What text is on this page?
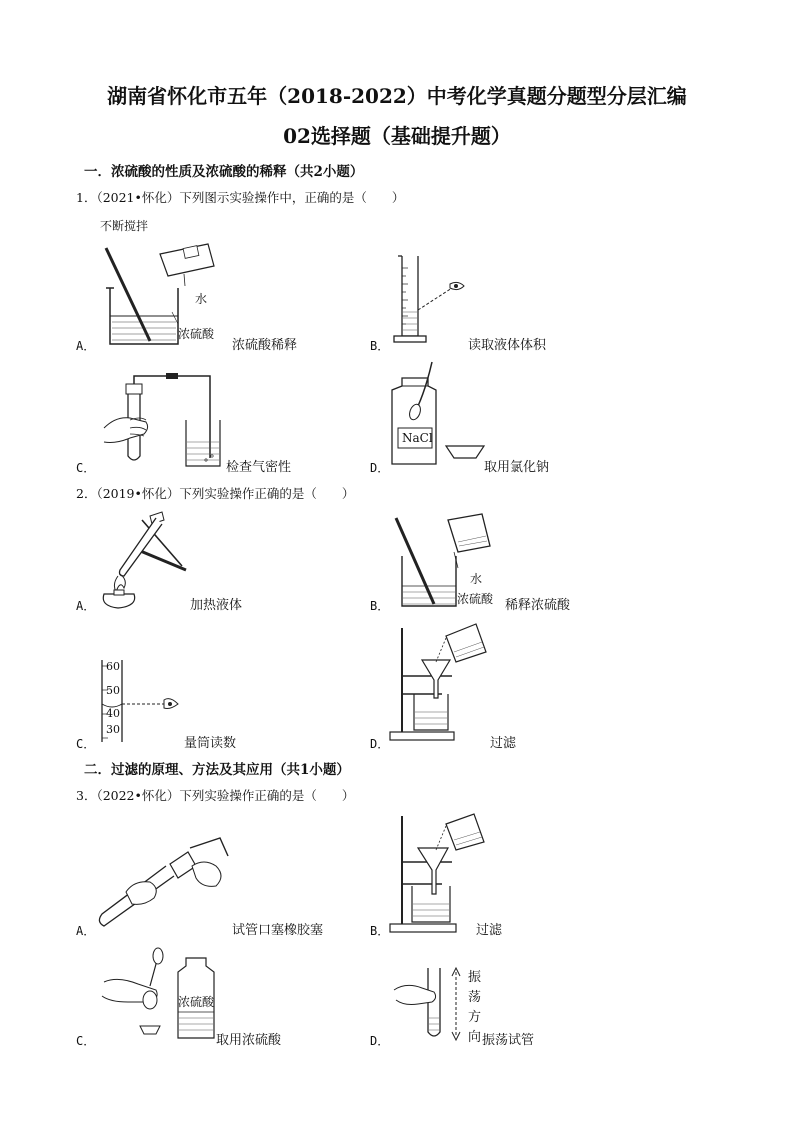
湖南省怀化市五年（2018-2022）中考化学真题分题型分层汇编
02选择题（基础提升题）
一．浓硫酸的性质及浓硫酸的稀释（共2小题）
1．（2021•怀化）下列图示实验操作中，正确的是（　　）
不断搅拌
水
浓硫酸
A．	浓硫酸稀释	B．	读取液体体积
C．	检查气密性
NaCl
D．	取用氯化钠
2．（2019•怀化）下列实验操作正确的是（　　）
A．	加热液体
水
浓硫酸
B．	稀释浓硫酸
60
50
40
30
C．	量筒读数	D．	过滤
二．过滤的原理、方法及其应用（共1小题）
3．（2022•怀化）下列实验操作正确的是（　　）
A．	试管口塞橡胶塞	B．	过滤
浓硫酸
C．	取用浓硫酸
振
荡
方
向
D．	振荡试管
